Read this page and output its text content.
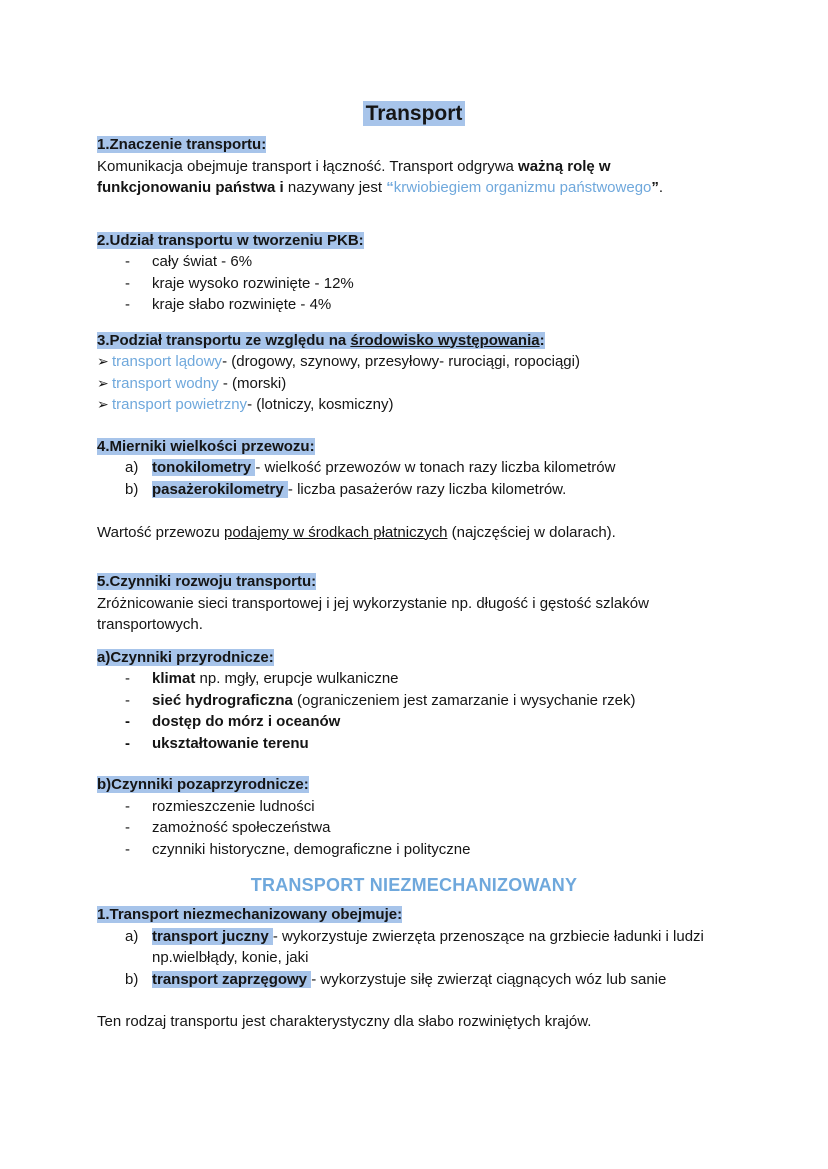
Transport
1.Znaczenie transportu:
Komunikacja obejmuje transport i łączność. Transport odgrywa ważną rolę w
funkcjonowaniu państwa i nazywany jest “krwiobiegiem organizmu państwowego”.
2.Udział transportu w tworzeniu PKB:
-	cały świat - 6%
-	kraje wysoko rozwinięte - 12%
-	kraje słabo rozwinięte - 4%
3.Podział transportu ze względu na środowisko występowania:
➢ transport lądowy- (drogowy, szynowy, przesyłowy- rurociągi, ropociągi)
➢ transport wodny - (morski)
➢ transport powietrzny- (lotniczy, kosmiczny)
4.Mierniki wielkości przewozu:
a) tonokilometry - wielkość przewozów w tonach razy liczba kilometrów
b) pasażerokilometry - liczba pasażerów razy liczba kilometrów.
Wartość przewozu podajemy w środkach płatniczych (najczęściej w dolarach).
5.Czynniki rozwoju transportu:
Zróżnicowanie sieci transportowej i jej wykorzystanie np. długość i gęstość szlaków
transportowych.
a)Czynniki przyrodnicze:
-	klimat np. mgły, erupcje wulkaniczne
-	sieć hydrograficzna (ograniczeniem jest zamarzanie i wysychanie rzek)
-	dostęp do mórz i oceanów
-	ukształtowanie terenu
b)Czynniki pozaprzyrodnicze:
-	rozmieszczenie ludności
-	zamożność społeczeństwa
-	czynniki historyczne, demograficzne i polityczne
TRANSPORT NIEZMECHANIZOWANY
1.Transport niezmechanizowany obejmuje:
a) transport juczny - wykorzystuje zwierzęta przenoszące na grzbiecie ładunki i ludzi
np.wielbłądy, konie, jaki
b) transport zaprzęgowy - wykorzystuje siłę zwierząt ciągnących wóz lub sanie
Ten rodzaj transportu jest charakterystyczny dla słabo rozwiniętych krajów.
